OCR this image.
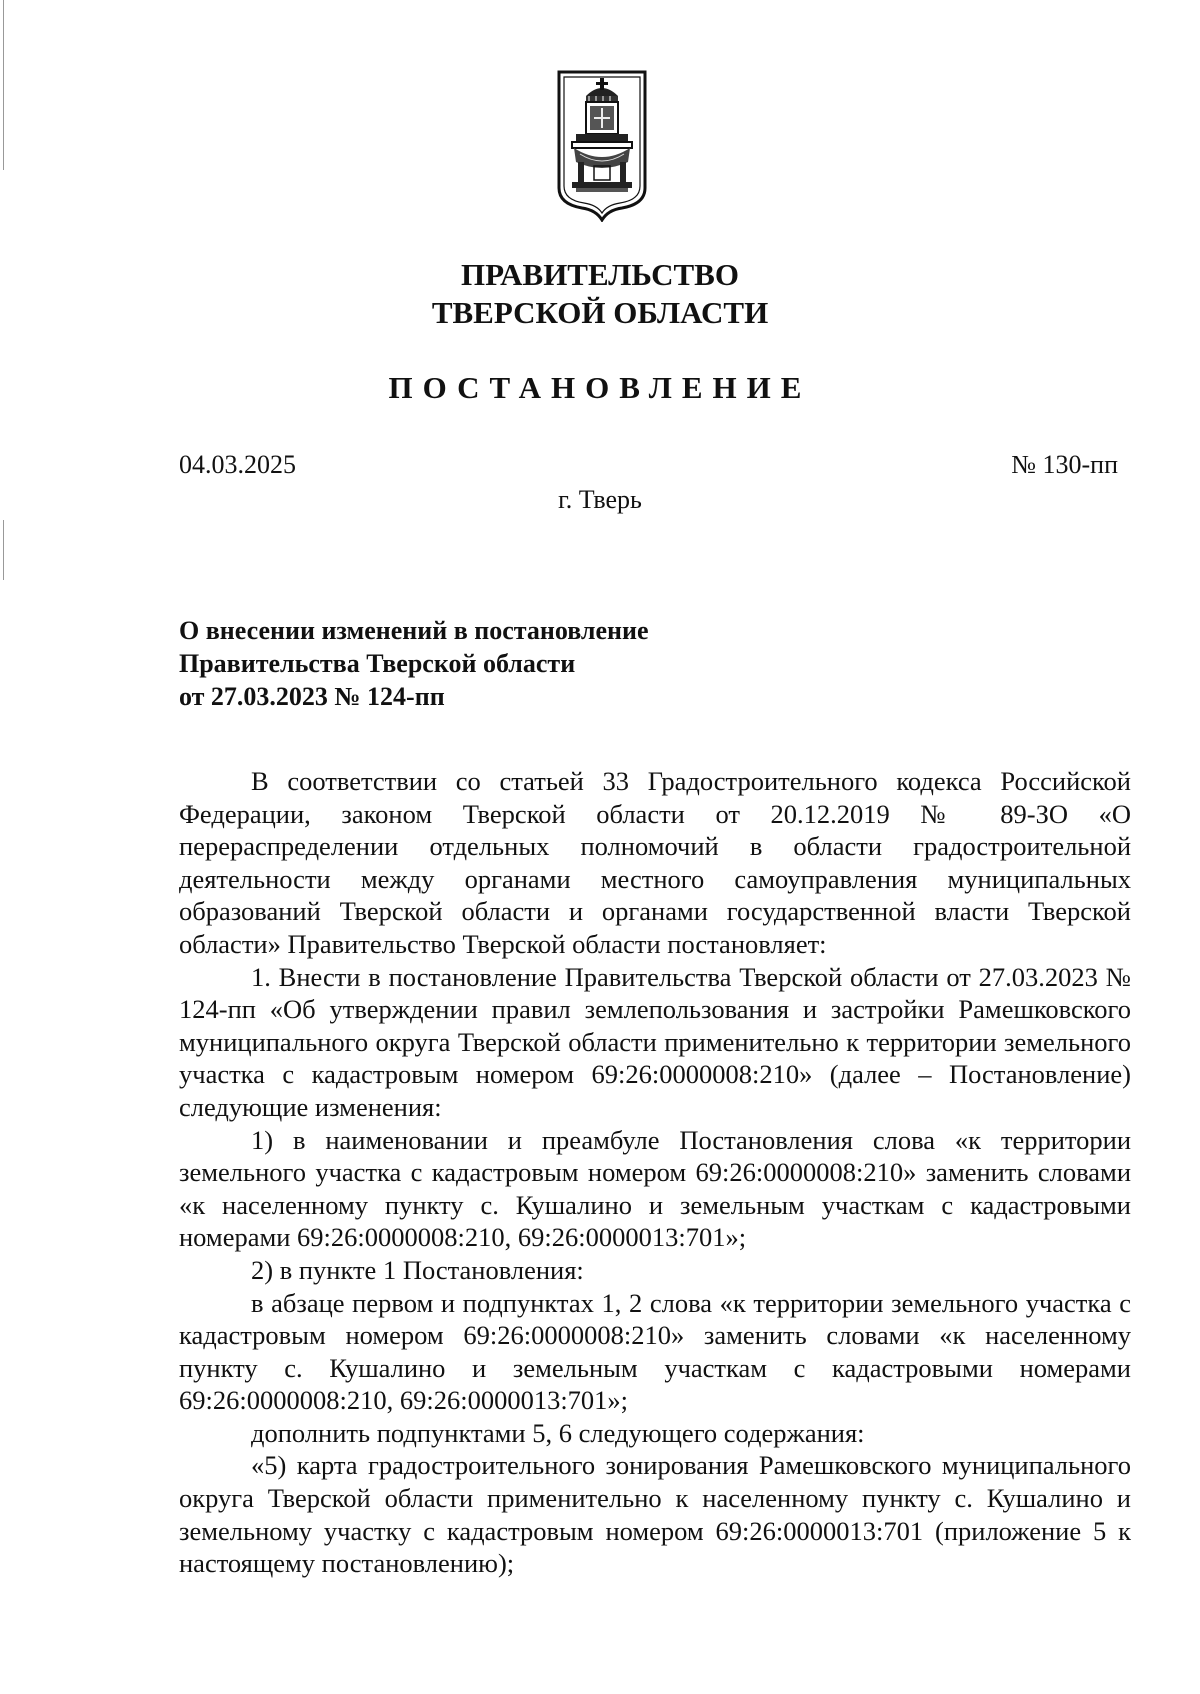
ПРАВИТЕЛЬСТВО
ТВЕРСКОЙ ОБЛАСТИ
ПОСТАНОВЛЕНИЕ
04.03.2025	№ 130-пп
г. Тверь
О внесении изменений в постановление
Правительства Тверской области
от 27.03.2023 № 124-пп

В соответствии со статьей 33 Градостроительного кодекса Российской Федерации, законом Тверской области от 20.12.2019 № 89-ЗО «О перераспределении отдельных полномочий в области градостроительной деятельности между органами местного самоуправления муниципальных образований Тверской области и органами государственной власти Тверской области» Правительство Тверской области постановляет:

1. Внести в постановление Правительства Тверской области от 27.03.2023 № 124-пп «Об утверждении правил землепользования и застройки Рамешковского муниципального округа Тверской области применительно к территории земельного участка с кадастровым номером 69:26:0000008:210» (далее – Постановление) следующие изменения:

1) в наименовании и преамбуле Постановления слова «к территории земельного участка с кадастровым номером 69:26:0000008:210» заменить словами «к населенному пункту с. Кушалино и земельным участкам с кадастровыми номерами 69:26:0000008:210, 69:26:0000013:701»;

2) в пункте 1 Постановления:

в абзаце первом и подпунктах 1, 2 слова «к территории земельного участка с кадастровым номером 69:26:0000008:210» заменить словами «к населенному пункту с. Кушалино и земельным участкам с кадастровыми номерами 69:26:0000008:210, 69:26:0000013:701»;

дополнить подпунктами 5, 6 следующего содержания:

«5) карта градостроительного зонирования Рамешковского муниципального округа Тверской области применительно к населенному пункту с. Кушалино и земельному участку с кадастровым номером 69:26:0000013:701 (приложение 5 к настоящему постановлению);
